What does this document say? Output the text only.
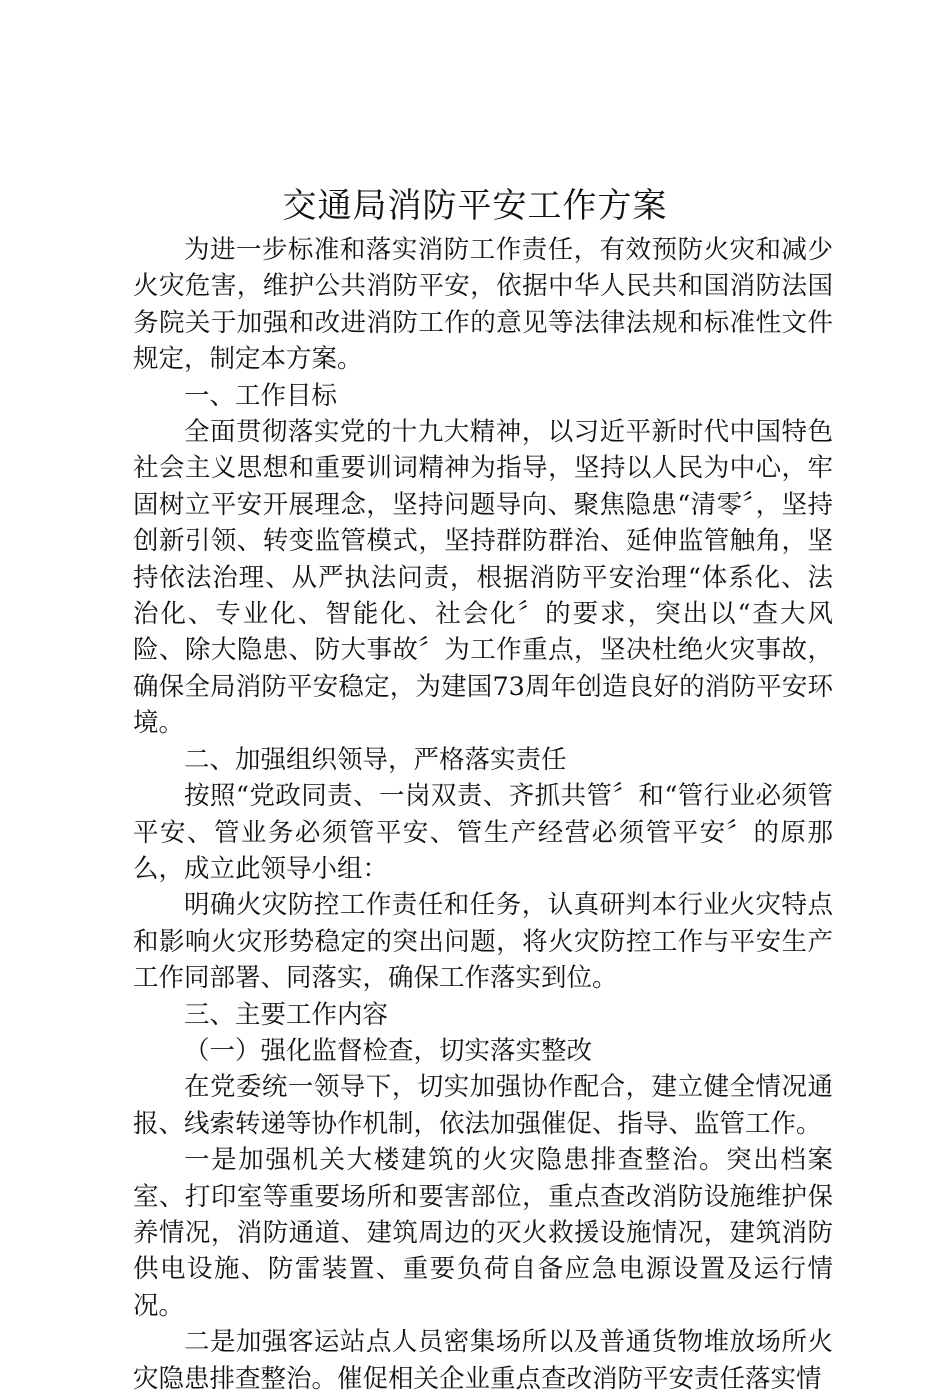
交通局消防平安工作方案

为进一步标准和落实消防工作责任，有效预防火灾和减少火灾危害，维护公共消防平安，依据中华人民共和国消防法国务院关于加强和改进消防工作的意见等法律法规和标准性文件规定，制定本方案。

一、工作目标

全面贯彻落实党的十九大精神，以习近平新时代中国特色社会主义思想和重要训词精神为指导，坚持以人民为中心，牢固树立平安开展理念，坚持问题导向、聚焦隐患“清零〞，坚持创新引领、转变监管模式，坚持群防群治、延伸监管触角，坚持依法治理、从严执法问责，根据消防平安治理“体系化、法治化、专业化、智能化、社会化〞的要求，突出以“查大风险、除大隐患、防大事故〞为工作重点，坚决杜绝火灾事故，确保全局消防平安稳定，为建国73周年创造良好的消防平安环境。

二、加强组织领导，严格落实责任

按照“党政同责、一岗双责、齐抓共管〞和“管行业必须管平安、管业务必须管平安、管生产经营必须管平安〞的原那么，成立此领导小组：

明确火灾防控工作责任和任务，认真研判本行业火灾特点和影响火灾形势稳定的突出问题，将火灾防控工作与平安生产工作同部署、同落实，确保工作落实到位。

三、主要工作内容

（一）强化监督检查，切实落实整改

在党委统一领导下，切实加强协作配合，建立健全情况通报、线索转递等协作机制，依法加强催促、指导、监管工作。

一是加强机关大楼建筑的火灾隐患排查整治。突出档案室、打印室等重要场所和要害部位，重点查改消防设施维护保养情况，消防通道、建筑周边的灭火救援设施情况，建筑消防供电设施、防雷装置、重要负荷自备应急电源设置及运行情况。

二是加强客运站点人员密集场所以及普通货物堆放场所火灾隐患排查整治。催促相关企业重点查改消防平安责任落实情
